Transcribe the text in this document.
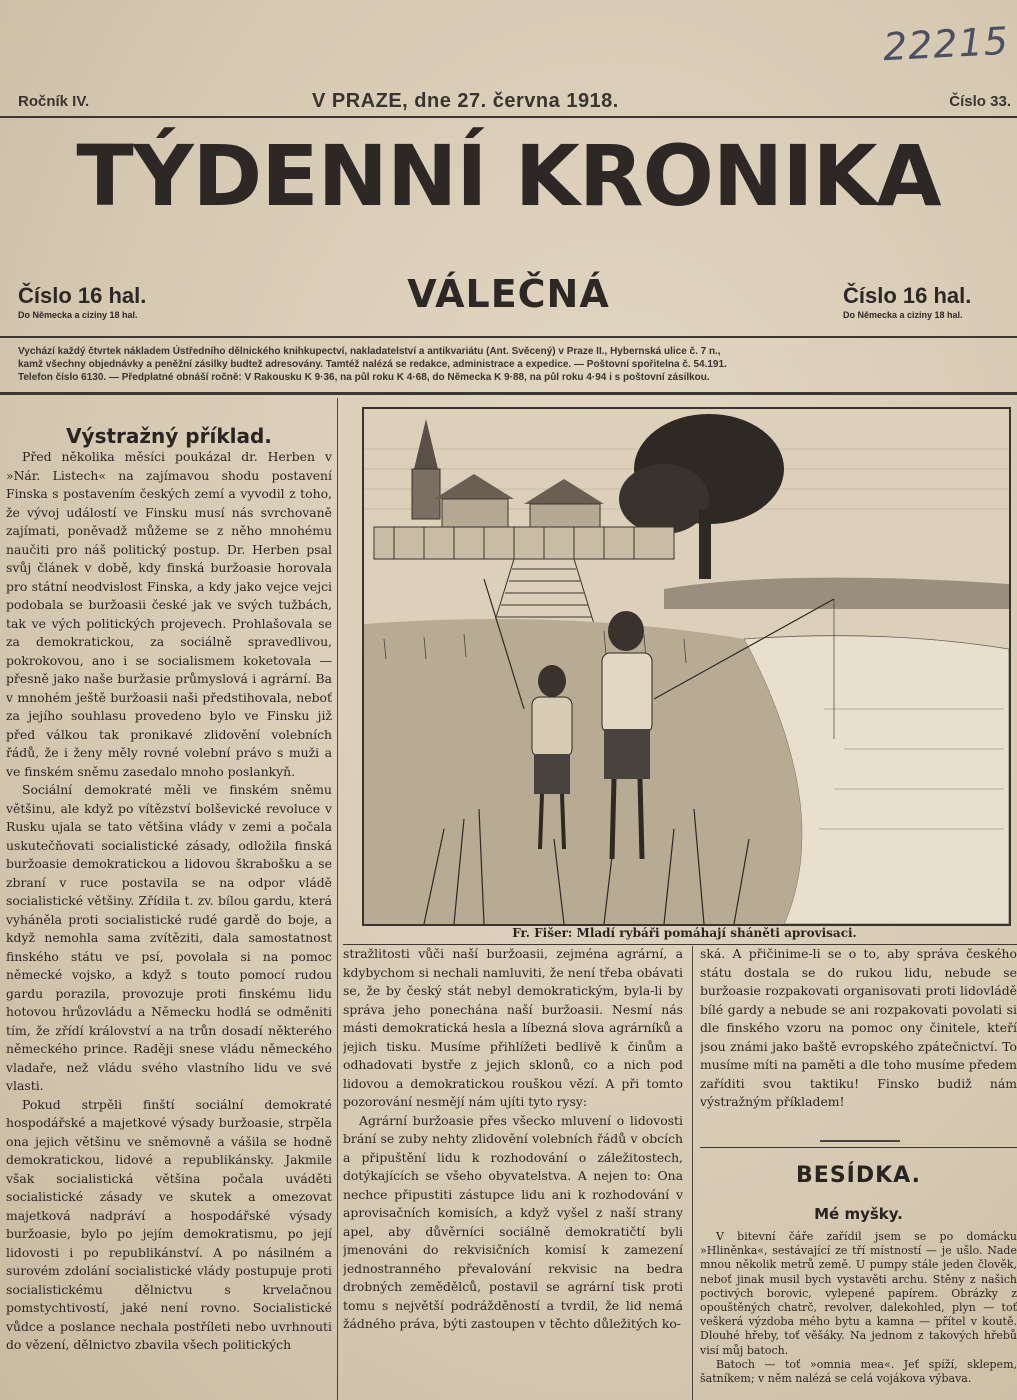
22215
Ročník IV.	V PRAZE, dne 27. června 1918.	Číslo 33.
TÝDENNÍ KRONIKA
VÁLEČNÁ
Číslo 16 hal.
Do Německa a ciziny 18 hal.
Číslo 16 hal.
Do Německa a ciziny 18 hal.
Vychází každý čtvrtek nákladem Ústředního dělnického knihkupectví, nakladatelství a antikvariátu (Ant. Svěcený) v Praze II., Hybernská ulice č. 7 n.,
kamž všechny objednávky a peněžní zásilky budtež adresovány. Tamtéž nalézá se redakce, administrace a expedice. — Poštovní spořitelna č. 54.191.
Telefon číslo 6130. — Předplatné obnáší ročně: V Rakousku K 9·36, na půl roku K 4·68, do Německa K 9·88, na půl roku 4·94 i s poštovní zásilkou.
Výstražný příklad.

Před několika měsíci poukázal dr. Herben v »Nár. Listech« na zajímavou shodu postavení Finska s postavením českých zemí a vyvodil z toho, že vývoj událostí ve Finsku musí nás svrchovaně zajímati, poněvadž můžeme se z něho mnohému naučiti pro náš politický postup. Dr. Herben psal svůj článek v době, kdy finská buržoasie horovala pro státní neodvislost Finska, a kdy jako vejce vejci podobala se buržoasii české jak ve svých tužbách, tak ve vých politických projevech. Prohlašovala se za demokratickou, za sociálně spravedlivou, pokrokovou, ano i se socialismem koketovala — přesně jako naše buržasie průmyslová i agrární. Ba v mnohém ještě buržoasii naši předstihovala, neboť za jejího souhlasu provedeno bylo ve Finsku již před válkou tak pronikavé zlidovění volebních řádů, že i ženy měly rovné volební právo s muži a ve finském sněmu zasedalo mnoho poslankyň.

Sociální demokraté měli ve finském sněmu většinu, ale když po vítězství bolševické revoluce v Rusku ujala se tato většina vlády v zemi a počala uskutečňovati socialistické zásady, odložila finská buržoasie demokratickou a lidovou škrabošku a se zbraní v ruce postavila se na odpor vládě socialistické většiny. Zřídila t. zv. bílou gardu, která vyháněla proti socialistické rudé gardě do boje, a když nemohla sama zvítěziti, dala samostatnost finského státu ve psí, povolala si na pomoc německé vojsko, a když s touto pomocí rudou gardu porazila, provozuje proti finskému lidu hotovou hrůzovládu a Německu hodlá se odměniti tím, že zřídí království a na trůn dosadí některého německého prince. Raději snese vládu německého vladaře, než vládu svého vlastního lidu ve své vlasti.

Pokud strpěli finští sociální demokraté hospodářské a majetkové výsady buržoasie, strpěla ona jejich většinu ve sněmovně a vášila se hodně demokratickou, lidové a republikánsky. Jakmile však socialistická většina počala uváděti socialistické zásady ve skutek a omezovat majetková nadpráví a hospodářské výsady buržoasie, bylo po jejím demokratismu, po její lidovosti i po republikánství. A po násilném a surovém zdolání socialistické vlády postupuje proti socialistickému dělnictvu s krvelačnou pomstychtivostí, jaké není rovno. Socialistické vůdce a poslance nechala postříleti nebo uvrhnouti do vězení, dělnictvo zbavila všech politických

Fr. Fišer: Mladí rybáři pomáhají sháněti aprovisaci.

stražlitosti vůči naší buržoasii, zejména agrární, a kdybychom si nechali namluviti, že není třeba obávati se, že by český stát nebyl demokratickým, byla-li by správa jeho ponechána naší buržoasii. Nesmí nás másti demokratická hesla a líbezná slova agrárníků a jejich tisku. Musíme přihlížeti bedlivě k činům a odhadovati bystře z jejich sklonů, co a nich pod lidovou a demokratickou rouškou vězí. A při tomto pozorování nesmějí nám ujíti tyto rysy:

Agrární buržoasie přes všecko mluvení o lidovosti brání se zuby nehty zlidovění volebních řádů v obcích a připuštění lidu k rozhodování o záležitostech, dotýkajících se všeho obyvatelstva. A nejen to: Ona nechce připustiti zástupce lidu ani k rozhodování v aprovisačních komisích, a když vyšel z naší strany apel, aby důvěrníci sociálně demokratičtí byli jmenováni do rekvisičních komisí k zamezení jednostranného převalování rekvisic na bedra drobných zemědělců, postavil se agrární tisk proti tomu s největší podrážděností a tvrdil, že lid nemá žádného práva, býti zastoupen v těchto důležitých ko-

ská. A přičinime-li se o to, aby správa českého státu dostala se do rukou lidu, nebude se buržoasie rozpakovati organisovati proti lidovládě bílé gardy a nebude se ani rozpakovati povolati si dle finského vzoru na pomoc ony činitele, kteří jsou známi jako baště evropského zpátečnictví. To musíme míti na paměti a dle toho musíme předem zaříditi svou taktiku! Finsko budiž nám výstražným příkladem!

BESÍDKA.
Mé myšky.

V bitevní čáře zařídil jsem se po domácku »Hliněnka«, sestávající ze tří místností — je ušlo. Nade mnou několik metrů země. U pumpy stále jeden člověk, neboť jinak musil bych vystavěti archu. Stěny z našich poctivých borovic, vylepené papírem. Obrázky z opouštěných chatrč, revolver, dalekohled, plyn — toť veškerá výzdoba mého bytu a kamna — přítel v koutě. Dlouhé hřeby, toť věšáky. Na jednom z takových hřebů visí můj batoch.

Batoch — toť »omnia mea«. Jeť spíží, sklepem, šatníkem; v něm nalézá se celá vojákova výbava.
